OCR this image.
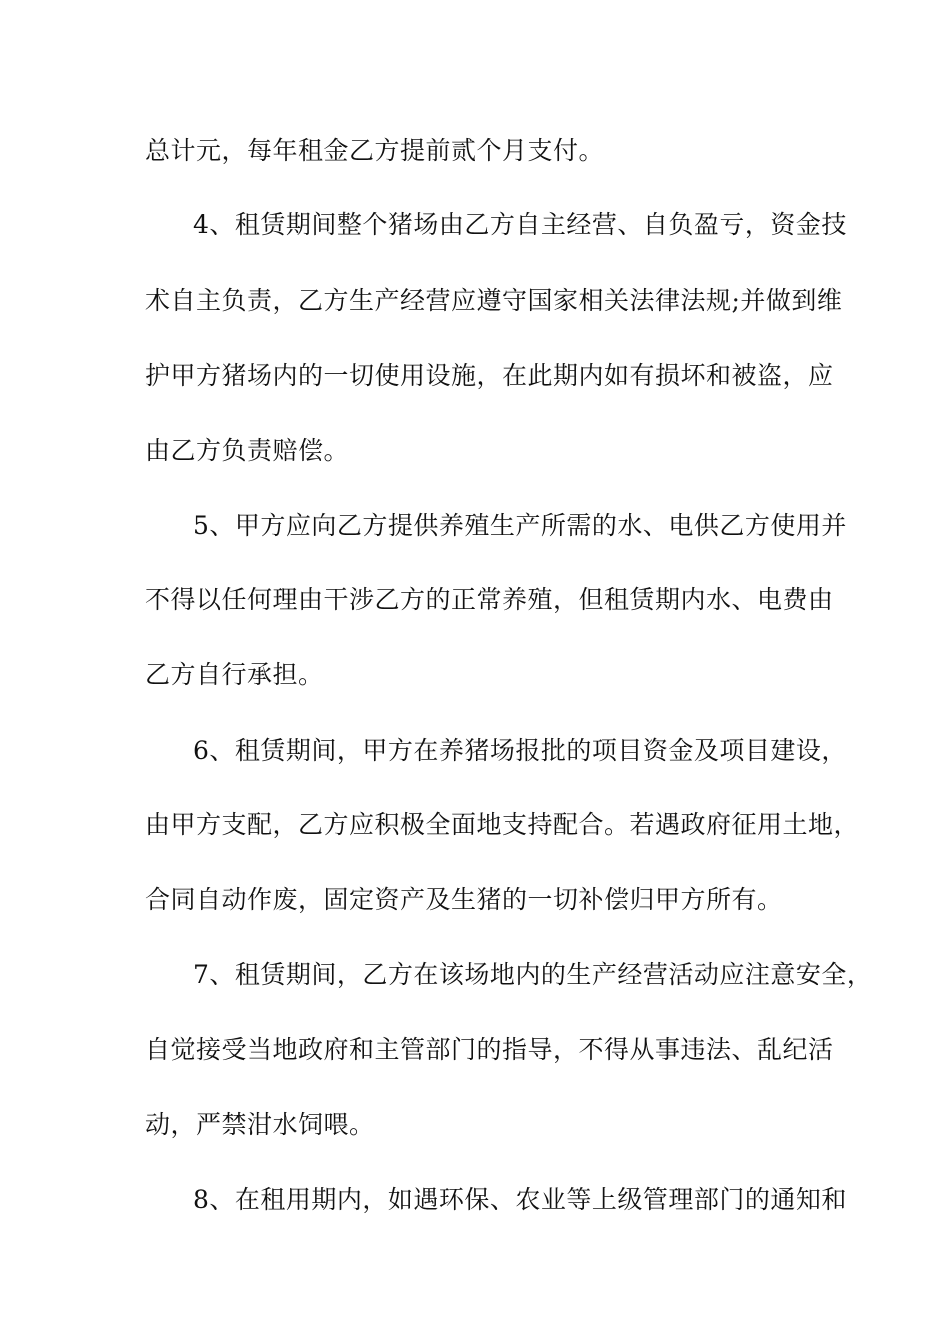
总计元，每年租金乙方提前贰个月支付。
4、租赁期间整个猪场由乙方自主经营、自负盈亏，资金技
术自主负责，乙方生产经营应遵守国家相关法律法规;并做到维
护甲方猪场内的一切使用设施，在此期内如有损坏和被盗，应
由乙方负责赔偿。
5、甲方应向乙方提供养殖生产所需的水、电供乙方使用并
不得以任何理由干涉乙方的正常养殖，但租赁期内水、电费由
乙方自行承担。
6、租赁期间，甲方在养猪场报批的项目资金及项目建设，
由甲方支配，乙方应积极全面地支持配合。若遇政府征用土地，
合同自动作废，固定资产及生猪的一切补偿归甲方所有。
7、租赁期间，乙方在该场地内的生产经营活动应注意安全，
自觉接受当地政府和主管部门的指导，不得从事违法、乱纪活
动，严禁泔水饲喂。
8、在租用期内，如遇环保、农业等上级管理部门的通知和
